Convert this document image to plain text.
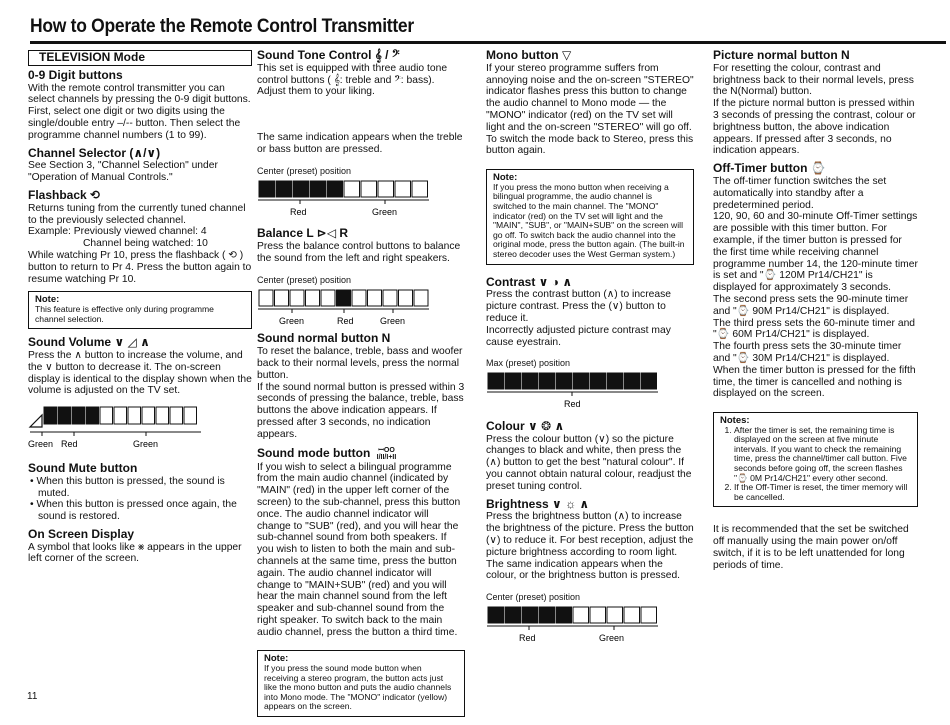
How to Operate the Remote Control Transmitter
TELEVISION Mode
0-9 Digit buttons

With the remote control transmitter you can select channels by pressing the 0-9 digit buttons. First, select one digit or two digits using the single/double entry –/-- button. Then select the programme channel numbers (1 to 99).

Channel Selector (∧/∨)

See Section 3, "Channel Selection" under "Operation of Manual Controls."

Flashback ⟲

Returns tuning from the currently tuned channel to the previously selected channel.

Example: Previously viewed channel: 4

Channel being watched: 10

While watching Pr 10, press the flashback ( ⟲ ) button to return to Pr 4. Press the button again to resume watching Pr 10.

Note:
This feature is effective only during programme channel selection.
Sound Volume ∨ ◿ ∧

Press the ∧ button to increase the volume, and the ∨ button to decrease it. The on-screen display is identical to the display shown when the volume is adjusted on the TV set.

Green Red	Green
Sound Mute button

• When this button is pressed, the sound is muted.

• When this button is pressed once again, the sound is restored.

On Screen Display

A symbol that looks like ⨳ appears in the upper left corner of the screen.

Sound Tone Control 𝄞 / 𝄢

This set is equipped with three audio tone control buttons ( 𝄞: treble and 𝄢: bass). Adjust them to your liking.

The same indication appears when the treble or bass button are pressed.

Center (preset) position
Red	Green
Balance L ⊳◁ R

Press the balance control buttons to balance the sound from the left and right speakers.

Center (preset) position
Green	Red	Green
Sound normal button N

To reset the balance, treble, bass and woofer back to their normal levels, press the normal button.

If the sound normal button is pressed within 3 seconds of pressing the balance, treble, bass buttons the above indication appears. If pressed after 3 seconds, no indication appears.

Sound mode button ꟷOO
I/II/I+II

If you wish to select a bilingual programme from the main audio channel (indicated by "MAIN" (red) in the upper left corner of the screen) to the sub-channel, press this button once. The audio channel indicator will change to "SUB" (red), and you will hear the sub-channel sound from both speakers. If you wish to listen to both the main and sub-channels at the same time, press the button again. The audio channel indicator will change to "MAIN+SUB" (red) and you will hear the main channel sound from the left speaker and sub-channel sound from the right speaker. To switch back to the main audio channel, press the button a third time.

Note:
If you press the sound mode button when receiving a stereo program, the button acts just like the mono button and puts the audio channels into Mono mode. The "MONO" indicator (yellow) appears on the screen.
Mono button ▽

If your stereo programme suffers from annoying noise and the on-screen "STEREO" indicator flashes press this button to change the audio channel to Mono mode — the "MONO" indicator (red) on the TV set will light and the on-screen "STEREO" will go off. To switch the mode back to Stereo, press this button again.

Note:
If you press the mono button when receiving a bilingual programme, the audio channel is switched to the main channel. The "MONO" indicator (red) on the TV set will light and the "MAIN", "SUB", or "MAIN+SUB" on the screen will go off. To switch back the audio channel into the original mode, press the button again. (The built-in stereo decoder uses the West German system.)
Contrast ∨ ◑ ∧

Press the contrast button (∧) to increase picture contrast. Press the (∨) button to reduce it.

Incorrectly adjusted picture contrast may cause eyestrain.

Max (preset) position
Red
Colour ∨ ❂ ∧

Press the colour button (∨) so the picture changes to black and white, then press the (∧) button to get the best "natural colour". If you cannot obtain natural colour, readjust the preset tuning control.

Brightness ∨ ☼ ∧

Press the brightness button (∧) to increase the brightness of the picture. Press the button (∨) to reduce it. For best reception, adjust the picture brightness according to room light.

The same indication appears when the colour, or the brightness button is pressed.

Center (preset) position
Red	Green
Picture normal button N

For resetting the colour, contrast and brightness back to their normal levels, press the N(Normal) button.

If the picture normal button is pressed within 3 seconds of pressing the contrast, colour or brightness button, the above indication appears. If pressed after 3 seconds, no indication appears.

Off-Timer button ⌚

The off-timer function switches the set automatically into standby after a predetermined period.

120, 90, 60 and 30-minute Off-Timer settings are possible with this timer button. For example, if the timer button is pressed for the first time while receiving channel programme number 14, the 120-minute timer is set and "⌚ 120M Pr14/CH21" is displayed for approximately 3 seconds.

The second press sets the 90-minute timer and "⌚ 90M Pr14/CH21" is displayed.

The third press sets the 60-minute timer and "⌚ 60M Pr14/CH21" is displayed.

The fourth press sets the 30-minute timer and "⌚ 30M Pr14/CH21" is displayed.

When the timer button is pressed for the fifth time, the timer is cancelled and nothing is displayed on the screen.

Notes:
1. After the timer is set, the remaining time is displayed on the screen at five minute intervals. If you want to check the remaining time, press the channel/timer call button. Five seconds before going off, the screen flashes "⌚ 0M Pr14/CH21" every other second.
2. If the Off-Timer is reset, the timer memory will be cancelled.

It is recommended that the set be switched off manually using the main power on/off switch, if it is to be left unattended for long periods of time.

11
